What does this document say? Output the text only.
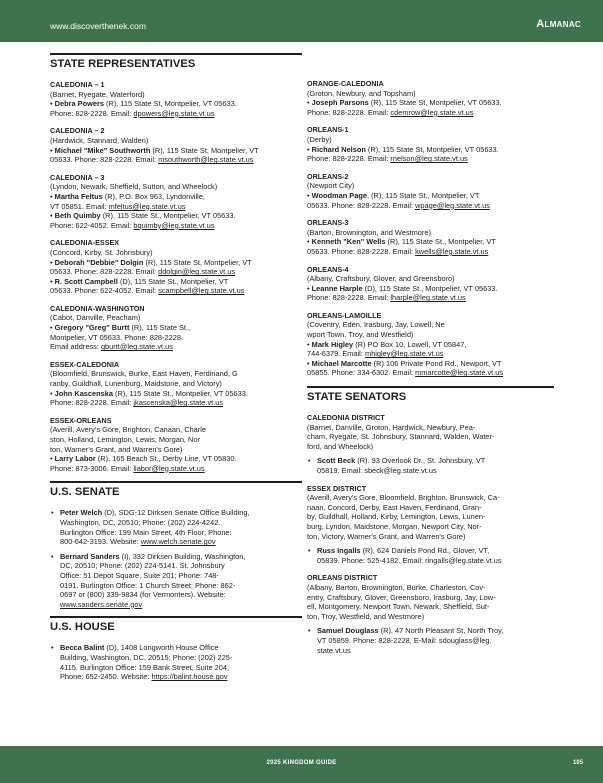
www.discoverthenek.com	Almanac
STATE REPRESENTATIVES
CALEDONIA – 1
(Barnet, Ryegate, Waterford)
• Debra Powers (R), 115 State St, Montpelier, VT 05633.
Phone: 828-2228. Email: dpowers@leg.state.vt.us
CALEDONIA – 2
(Hardwick, Stannard, Walden)
• Michael "Mike" Southworth (R), 115 State St, Montpelier, VT
05633. Phone: 828-2228. Email: msouthworth@leg.state.vt.us
CALEDONIA – 3
(Lyndon, Newark, Sheffield, Sutton, and Wheelock)
• Martha Feltus (R), P.O. Box 963, Lyndonville,
VT 05851. Email: mfeltus@leg.state.vt.us
• Beth Quimby (R), 115 State St., Montpelier, VT 05633.
Phone: 622-4052. Email: bquimby@leg.state.vt.us
CALEDONIA-ESSEX
(Concord, Kirby, St. Johnsbury)
• Deborah "Debbie" Dolgin (R), 115 State St, Montpelier, VT
05633. Phone: 828-2228. Email: ddolgin@leg.state.vt.us
• R. Scott Campbell (D), 115 State St., Montpelier, VT
05633. Phone: 622-4052. Email: scampbell@leg.state.vt.us
CALEDONIA-WASHINGTON
(Cabot, Danville, Peacham)
• Gregory "Greg" Burtt (R), 115 State St.,
Montpelier, VT 05633. Phone: 828-2228.
Email address: gburtt@leg.state.vt.us
ESSEX-CALEDONIA
(Bloomfield, Brunswick, Burke, East Haven, Ferdinand, G
ranby, Guildhall, Lunenburg, Maidstone, and Victory)
• John Kascenska (R), 115 State St., Montpelier, VT 05633.
Phone: 828-2228. Email: jkascenska@leg.state.vt.us
ESSEX-ORLEANS
(Averill, Avery's Gore, Brighton, Canaan, Charle
ston, Holland, Lemington, Lewis, Morgan, Nor
ton, Warner's Grant, and Warren's Gore)
• Larry Labor (R), 165 Beach St., Derby Line, VT 05830.
Phone: 873-3006. Email: llabor@leg.state.vt.us
U.S. SENATE
• Peter Welch (D), SDG-12 Dirksen Senate Office Building,
Washington, DC, 20510; Phone: (202) 224-4242.
Burlington Office: 199 Main Street, 4th Floor; Phone:
800-642-3193. Website: www.welch.senate.gov
• Bernard Sanders (I), 332 Dirksen Building, Washington,
DC, 20510; Phone: (202) 224-5141. St. Johnsbury
Office: 51 Depot Square, Suite 201; Phone: 748-
0191. Burlington Office: 1 Church Street; Phone: 862-
0697 or (800) 339-9834 (for Vermonters). Website:
www.sanders.senate.gov
U.S. HOUSE
• Becca Balint (D), 1408 Longworth House Office
Building, Washington, DC, 20515; Phone: (202) 225-
4115. Burlington Office: 159 Bank Street, Suite 204;
Phone: 652-2450. Website: https://balint.house.gov
ORANGE-CALEDONIA
(Groton, Newbury, and Topsham)
• Joseph Parsons (R), 115 State St, Montpelier, VT 05633.
Phone: 828-2228. Email: cdemrow@leg.state.vt.us
ORLEANS-1
(Derby)
• Richard Nelson (R), 115 State St, Montpelier, VT 05633.
Phone: 828-2228. Email: rnelson@leg.state.vt.us
ORLEANS-2
(Newport City)
• Woodman Page, (R), 115 State St., Montpelier, VT
05633. Phone: 828-2228. Email: wpage@leg.state.vt.us
ORLEANS-3
(Barton, Brownington, and Westmore)
• Kenneth "Ken" Wells (R), 115 State St., Montpelier, VT
05633. Phone: 828-2228. Email: kwells@leg.state.vt.us
ORLEANS-4
(Albany, Craftsbury, Glover, and Greensboro)
• Leanne Harple (D), 115 State St., Montpelier, VT 05633.
Phone: 828-2228. Email: lharple@leg.state.vt.us
ORLEANS-LAMOILLE
(Coventry, Eden, Irasburg, Jay, Lowell, Ne
wport Town, Troy, and Westfield)
• Mark Higley (R) PO Box 10, Lowell, VT 05847,
744-6379. Email: mhigley@leg.state.vt.us
• Michael Marcotte (R) 106 Private Pond Rd., Newport, VT
05855. Phone: 334-6302. Email: mmarcotte@leg.state.vt.us
STATE SENATORS
CALEDONIA DISTRICT
(Barnet, Danville, Groton, Hardwick, Newbury, Pea-
cham, Ryegate, St. Johnsbury, Stannard, Walden, Water-
ford, and Wheelock)
• Scott Beck (R). 93 Overlook Dr., St. Johnsbury, VT
05819. Email: sbeck@leg.state.vt.us
ESSEX DISTRICT
(Averill, Avery's Gore, Bloomfield, Brighton, Brunswick, Ca-
naan, Concord, Derby, East Haven, Ferdinand, Gran-
by, Guildhall, Holland, Kirby, Lemington, Lewis, Lunen-
burg, Lyndon, Maidstone, Morgan, Newport City, Nor-
ton, Victory, Warner's Grant, and Warren's Gore)
• Russ Ingalls (R), 624 Daniels Pond Rd., Glover, VT,
05839. Phone: 525-4182. Email: ringalls@leg.state.vt.us
ORLEANS DISTRICT
(Albany, Barton, Brownington, Burke, Charleston, Cov-
entry, Craftsbury, Glover, Greensboro, Irasburg, Jay, Low-
ell, Montgomery, Newport Town, Newark, Sheffield, Sut-
ton, Troy, Westfield, and Westmore)
• Samuel Douglass (R), 47 North Pleasant St, North Troy,
VT 05859. Phone: 828-2228, E-Mail: sdouglass@leg.
state.vt.us
2025 KINGDOM GUIDE	105
